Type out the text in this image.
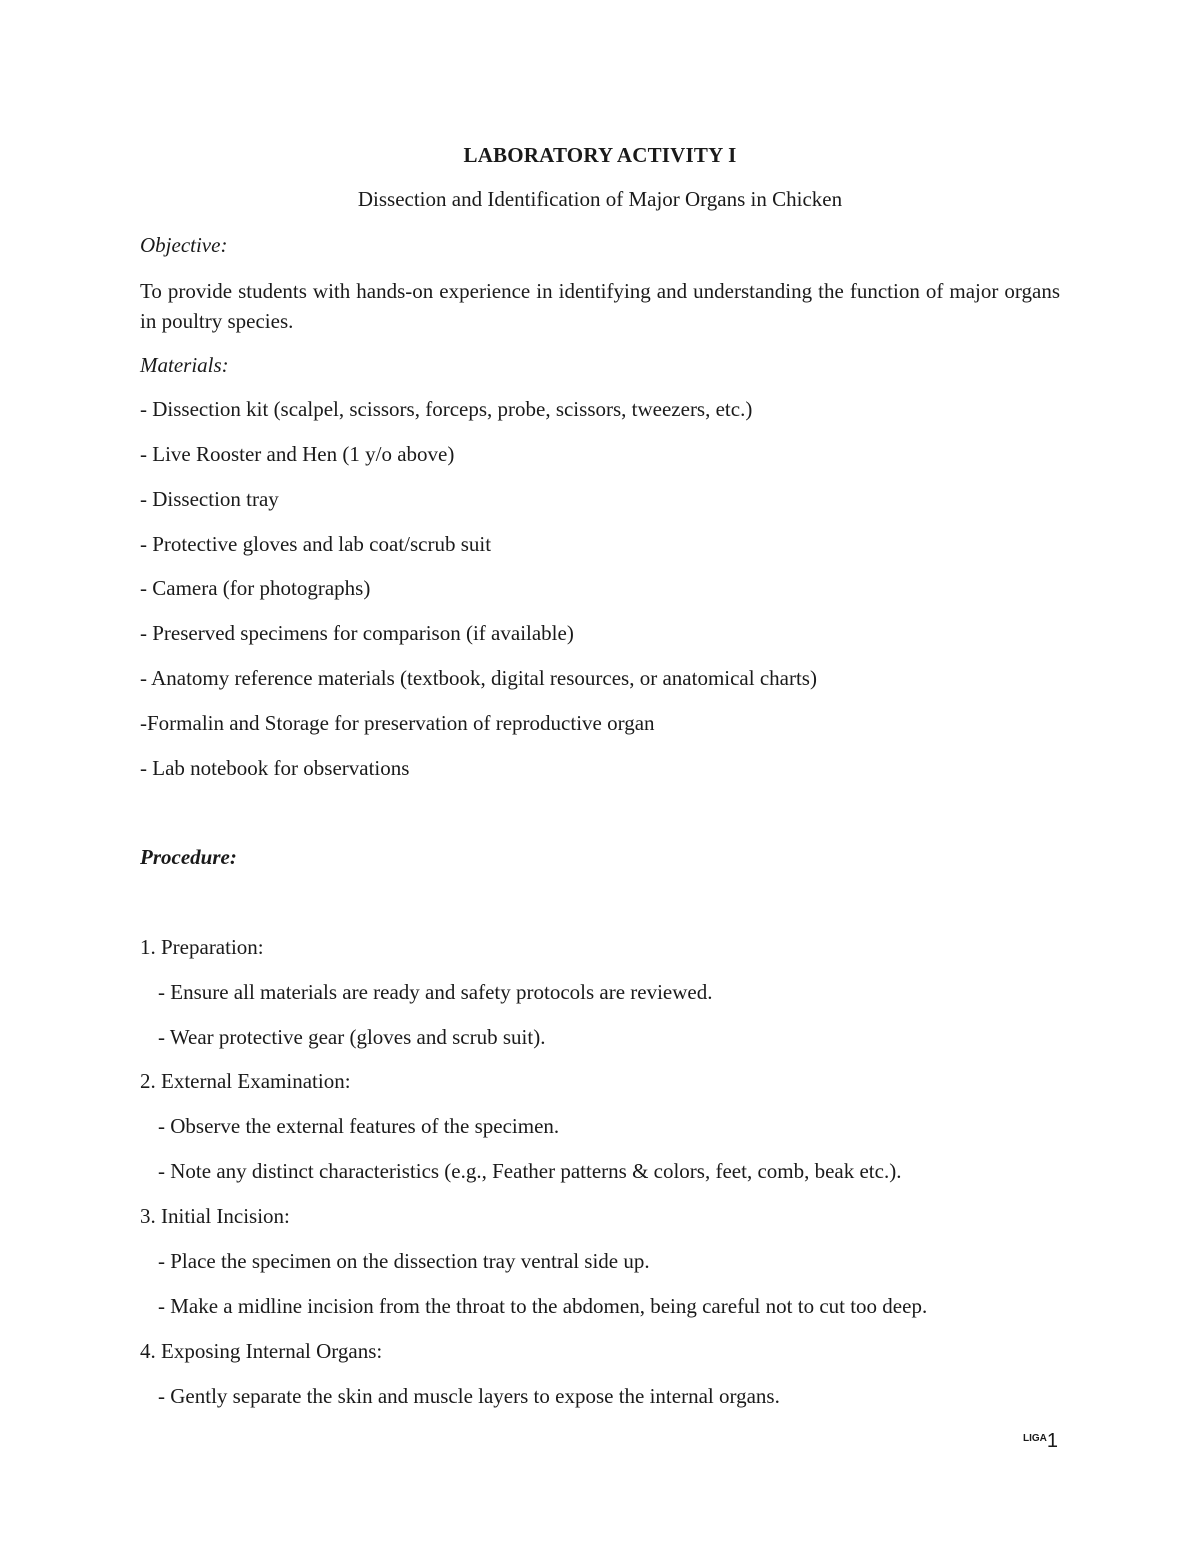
LABORATORY ACTIVITY I
Dissection and Identification of Major Organs in Chicken
Objective:
To provide students with hands-on experience in identifying and understanding the function of major organs in poultry species.
Materials:
- Dissection kit (scalpel, scissors, forceps, probe, scissors, tweezers, etc.)
- Live Rooster and Hen (1 y/o above)
- Dissection tray
- Protective gloves and lab coat/scrub suit
- Camera (for photographs)
- Preserved specimens for comparison (if available)
- Anatomy reference materials (textbook, digital resources, or anatomical charts)
-Formalin and Storage for preservation of reproductive organ
- Lab notebook for observations
Procedure:
1. Preparation:
- Ensure all materials are ready and safety protocols are reviewed.
- Wear protective gear (gloves and scrub suit).
2. External Examination:
- Observe the external features of the specimen.
- Note any distinct characteristics (e.g., Feather patterns & colors, feet, comb, beak etc.).
3. Initial Incision:
- Place the specimen on the dissection tray ventral side up.
- Make a midline incision from the throat to the abdomen, being careful not to cut too deep.
4. Exposing Internal Organs:
- Gently separate the skin and muscle layers to expose the internal organs.
$^{LIGA}$1
